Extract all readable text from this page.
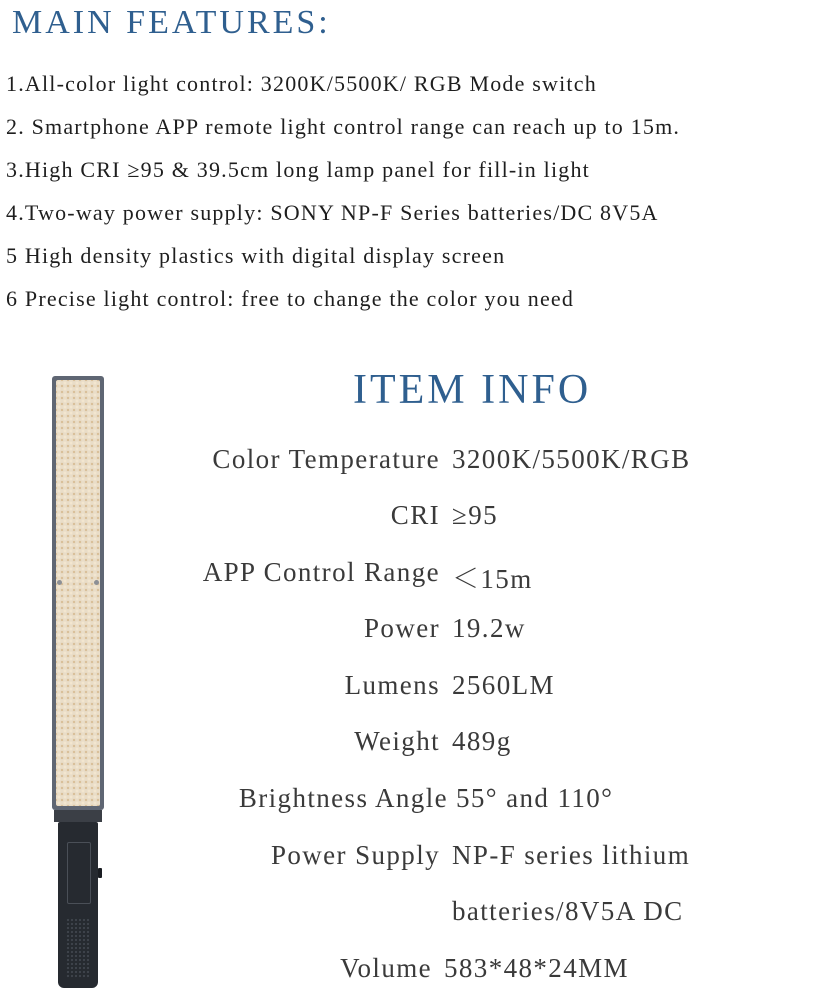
MAIN FEATURES:
1.All-color light control: 3200K/5500K/ RGB Mode switch
2. Smartphone APP remote light control range can reach up to 15m.
3.High CRI ≥95 & 39.5cm long lamp panel for fill-in light
4.Two-way power supply: SONY NP-F Series batteries/DC 8V5A
5 High density plastics with digital display screen
6 Precise light control: free to change the color you need
ITEM INFO
Color Temperature 3200K/5500K/RGB
CRI ≥95
APP Control Range ＜15m
Power 19.2w
Lumens 2560LM
Weight 489g
Brightness Angle 55° and 110°
Power Supply NP-F series lithium
batteries/8V5A DC
Volume 583*48*24MM
